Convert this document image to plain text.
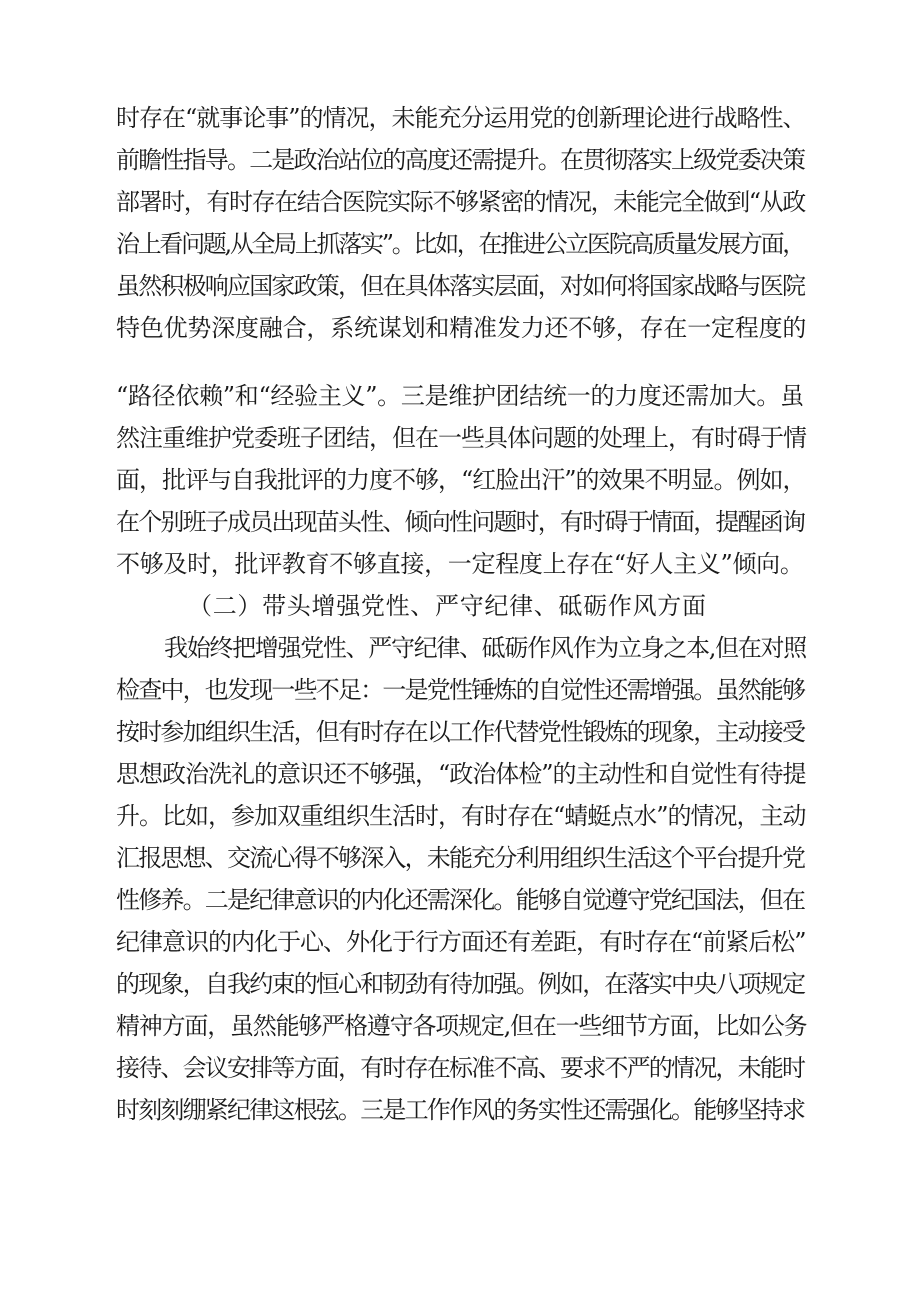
时存在“就事论事”的情况，未能充分运用党的创新理论进行战略性、

前瞻性指导。二是政治站位的高度还需提升。在贯彻落实上级党委决策

部署时，有时存在结合医院实际不够紧密的情况，未能完全做到“从政

治上看问题,从全局上抓落实”。比如，在推进公立医院高质量发展方面，

虽然积极响应国家政策，但在具体落实层面，对如何将国家战略与医院

特色优势深度融合，系统谋划和精准发力还不够，存在一定程度的

“路径依赖”和“经验主义”。三是维护团结统一的力度还需加大。虽

然注重维护党委班子团结，但在一些具体问题的处理上，有时碍于情

面，批评与自我批评的力度不够，“红脸出汗”的效果不明显。例如，

在个别班子成员出现苗头性、倾向性问题时，有时碍于情面，提醒函询

不够及时，批评教育不够直接，一定程度上存在“好人主义”倾向。

（二）带头增强党性、严守纪律、砥砺作风方面

我始终把增强党性、严守纪律、砥砺作风作为立身之本,但在对照

检查中，也发现一些不足：一是党性锤炼的自觉性还需增强。虽然能够

按时参加组织生活，但有时存在以工作代替党性锻炼的现象，主动接受

思想政治洗礼的意识还不够强，“政治体检”的主动性和自觉性有待提

升。比如，参加双重组织生活时，有时存在“蜻蜓点水”的情况，主动

汇报思想、交流心得不够深入，未能充分利用组织生活这个平台提升党

性修养。二是纪律意识的内化还需深化。能够自觉遵守党纪国法，但在

纪律意识的内化于心、外化于行方面还有差距，有时存在“前紧后松”

的现象，自我约束的恒心和韧劲有待加强。例如，在落实中央八项规定

精神方面，虽然能够严格遵守各项规定,但在一些细节方面，比如公务

接待、会议安排等方面，有时存在标准不高、要求不严的情况，未能时

时刻刻绷紧纪律这根弦。三是工作作风的务实性还需强化。能够坚持求
